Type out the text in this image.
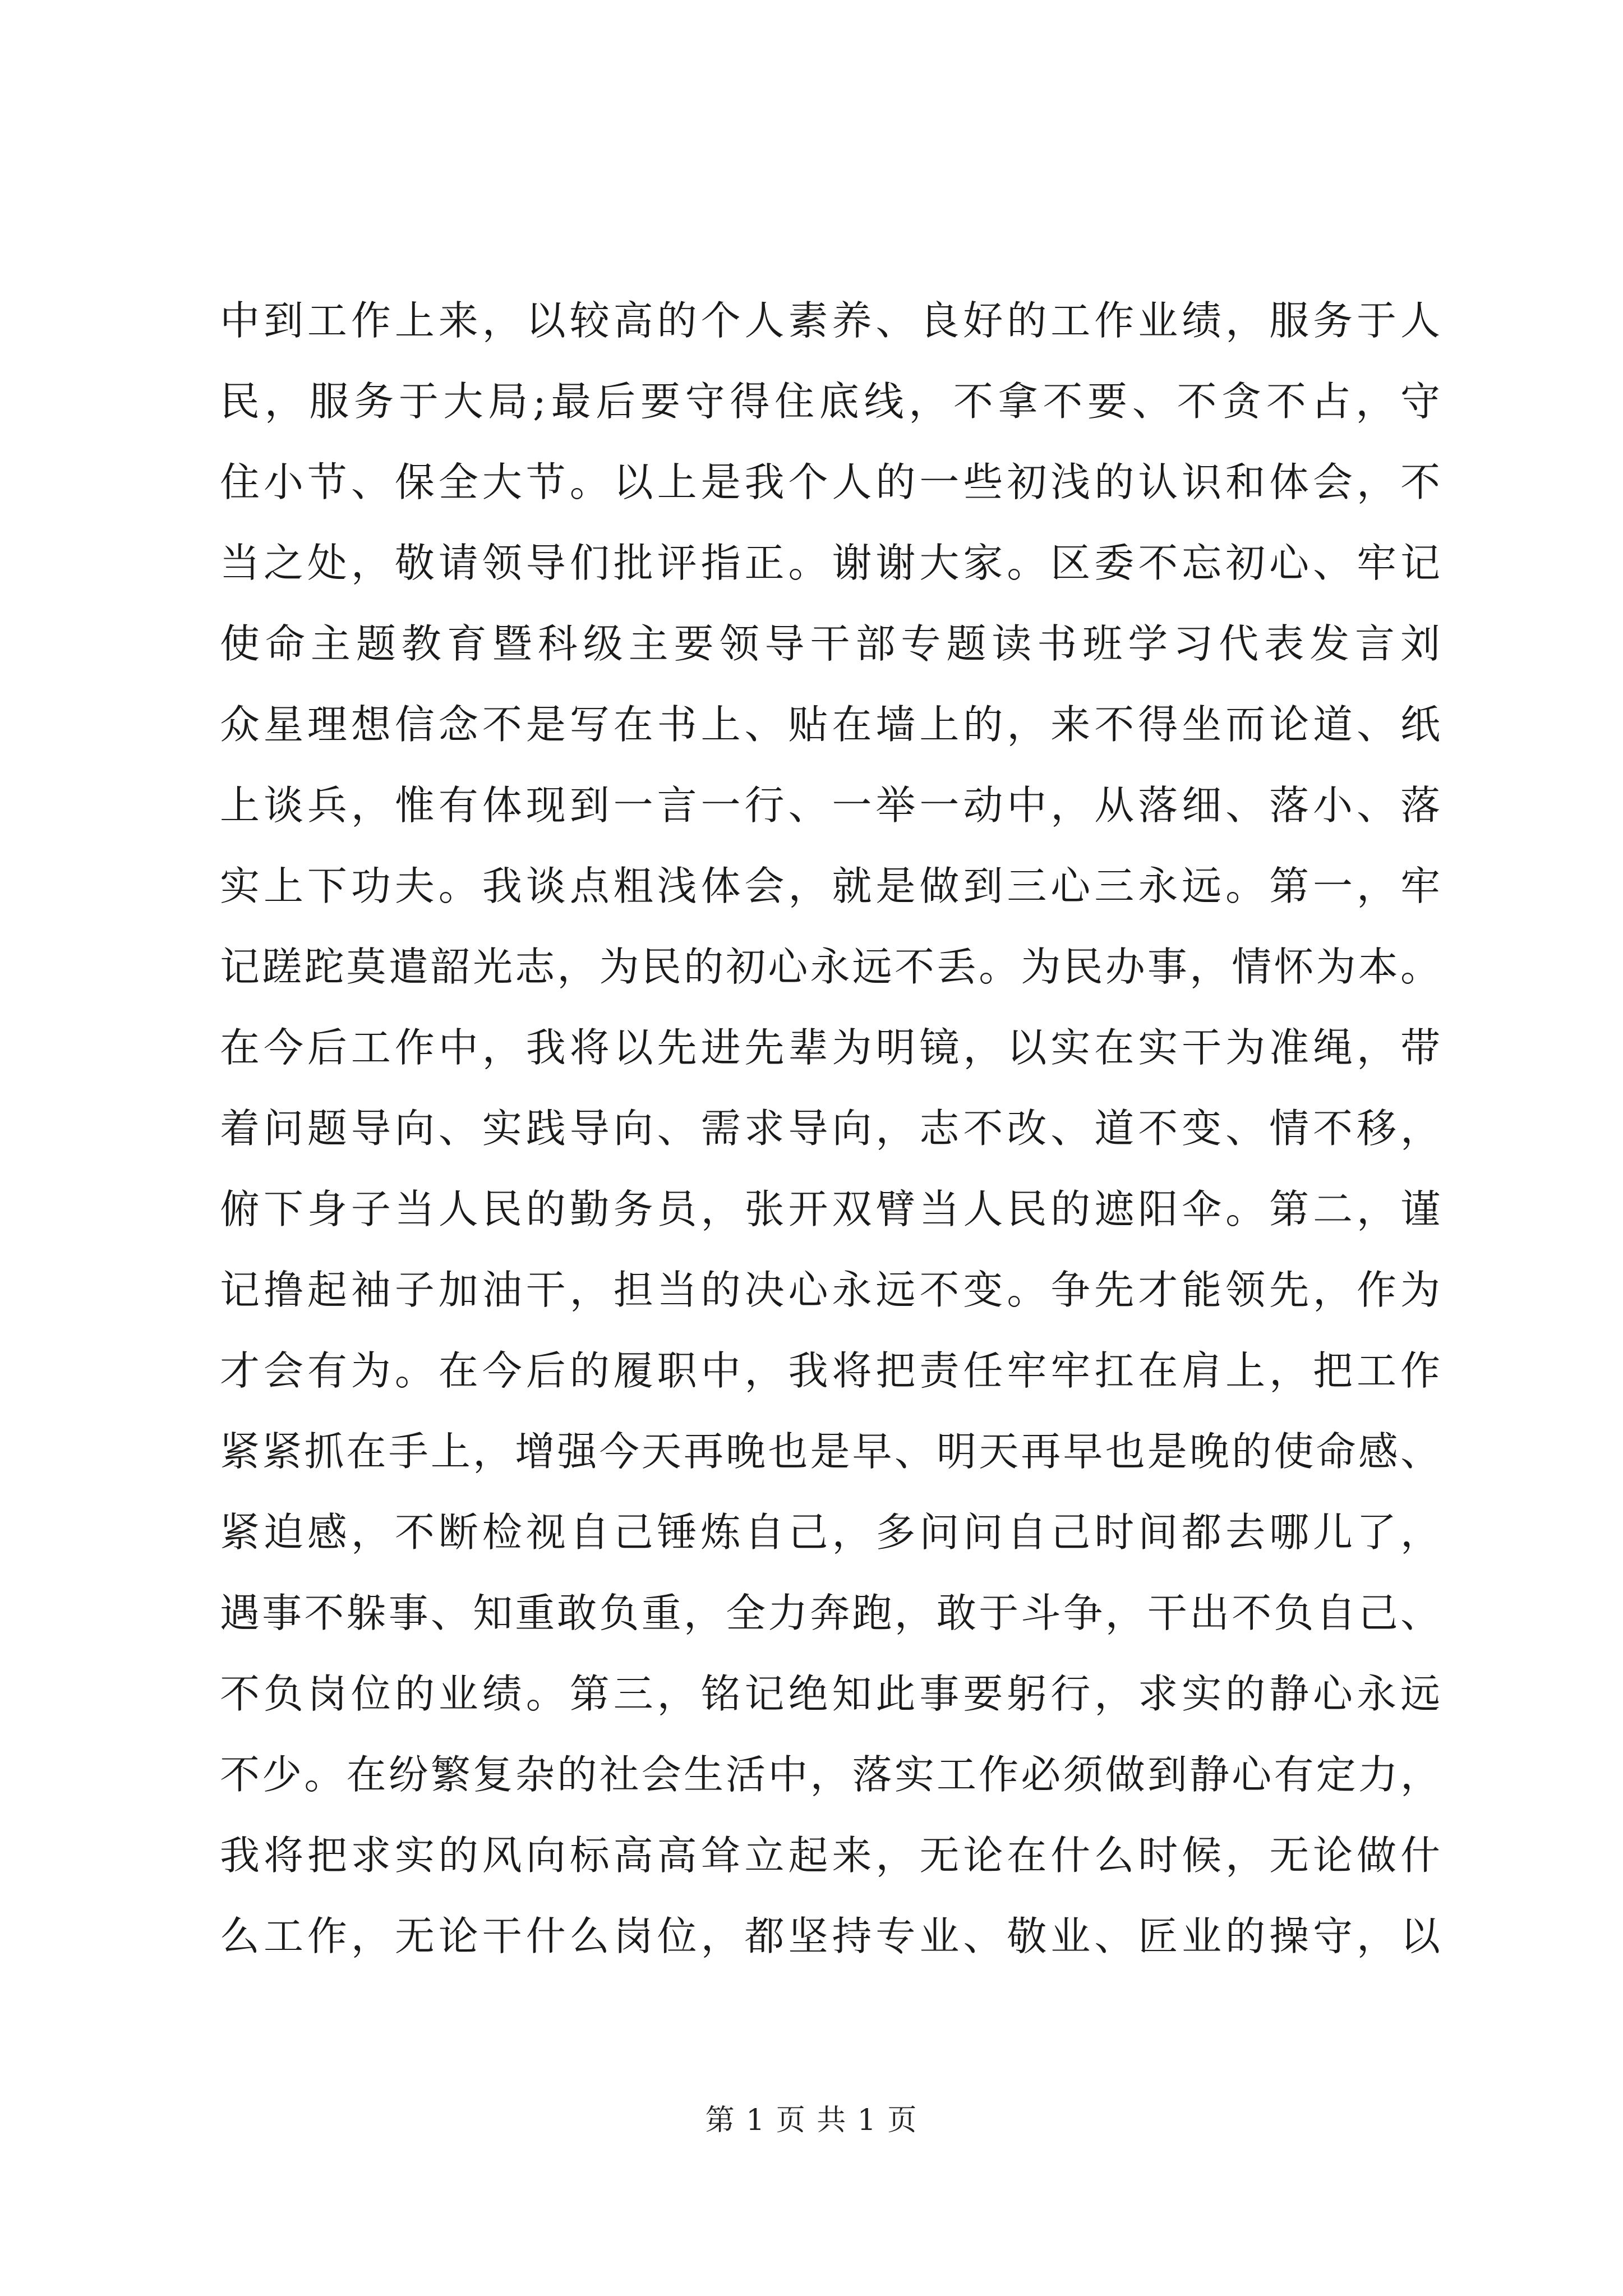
中到工作上来，以较高的个人素养、良好的工作业绩，服务于人
民，服务于大局;最后要守得住底线，不拿不要、不贪不占，守
住小节、保全大节。以上是我个人的一些初浅的认识和体会，不
当之处，敬请领导们批评指正。谢谢大家。区委不忘初心、牢记
使命主题教育暨科级主要领导干部专题读书班学习代表发言刘
众星理想信念不是写在书上、贴在墙上的，来不得坐而论道、纸
上谈兵，惟有体现到一言一行、一举一动中，从落细、落小、落
实上下功夫。我谈点粗浅体会，就是做到三心三永远。第一，牢
记蹉跎莫遣韶光志，为民的初心永远不丢。为民办事，情怀为本。
在今后工作中，我将以先进先辈为明镜，以实在实干为准绳，带
着问题导向、实践导向、需求导向，志不改、道不变、情不移，
俯下身子当人民的勤务员，张开双臂当人民的遮阳伞。第二，谨
记撸起袖子加油干，担当的决心永远不变。争先才能领先，作为
才会有为。在今后的履职中，我将把责任牢牢扛在肩上，把工作
紧紧抓在手上，增强今天再晚也是早、明天再早也是晚的使命感、
紧迫感，不断检视自己锤炼自己，多问问自己时间都去哪儿了，
遇事不躲事、知重敢负重，全力奔跑，敢于斗争，干出不负自己、
不负岗位的业绩。第三，铭记绝知此事要躬行，求实的静心永远
不少。在纷繁复杂的社会生活中，落实工作必须做到静心有定力，
我将把求实的风向标高高耸立起来，无论在什么时候，无论做什
么工作，无论干什么岗位，都坚持专业、敬业、匠业的操守，以
第 1 页 共 1 页
